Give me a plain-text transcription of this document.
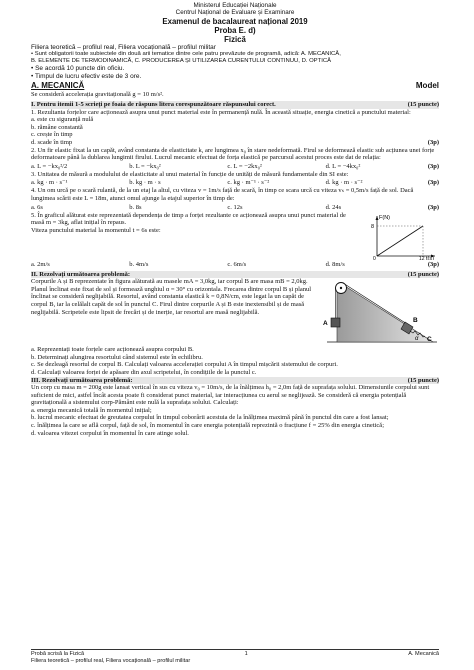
Ministerul Educației Naționale
Centrul Național de Evaluare și Examinare
Examenul de bacalaureat național 2019
Proba E. d)
Fizică

Filiera teoretică – profilul real, Filiera vocațională – profilul militar

• Sunt obligatorii toate subiectele din două arii tematice dintre cele patru prevăzute de programă, adică: A. MECANICĂ,

B. ELEMENTE DE TERMODINAMICĂ, C. PRODUCEREA ȘI UTILIZAREA CURENTULUI CONTINUU, D. OPTICĂ

• Se acordă 10 puncte din oficiu.

• Timpul de lucru efectiv este de 3 ore.

A. MECANICĂ	Model

Se consideră accelerația gravitațională g = 10 m/s².

I. Pentru itemii 1-5 scrieți pe foaia de răspuns litera corespunzătoare răspunsului corect.	(15 puncte)

1. Rezultanta forțelor care acționează asupra unui punct material este în permanență nulă. În această situație, energia cinetică a punctului material:

a. este cu siguranță nulă

b. rămâne constantă

c. crește în timp

d. scade în timp	(3p)

2. Un fir elastic fixat la un capăt, având constanta de elasticitate k, are lungimea x₀ în stare nedeformată. Firul se deformează elastic sub acțiunea unei forțe deformatoare până la dublarea lungimii firului. Lucrul mecanic efectuat de forța elastică pe parcursul acestui proces este dat de relația:

a. L = −kx₀²/2	b. L = −kx₀²	c. L = −2kx₀²	d. L = −4kx₀²	(3p)

3. Unitatea de măsură a modulului de elasticitate al unui material în funcție de unități de măsură fundamentale din SI este:

a. kg · m · s⁻¹	b. kg · m · s	c. kg · m⁻¹ · s⁻²	d. kg · m · s⁻²	(3p)

4. Un om urcă pe o scară rulantă, de la un etaj la altul, cu viteza v = 1m/s față de scară, în timp ce scara urcă cu viteza vₛ = 0,5m/s față de sol. Dacă lungimea scării este L = 18m, atunci omul ajunge la etajul superior în timp de:

a. 6s	b. 8s	c. 12s	d. 24s	(3p)

5. În graficul alăturat este reprezentată dependența de timp a forței rezultante ce acționează asupra unui punct material de masă m = 3kg, aflat inițial în repaus.

Viteza punctului material la momentul t = 6s este:

F(N)
8
0	12 t(s)
a. 2m/s	b. 4m/s	c. 6m/s	d. 8m/s	(3p)
II. Rezolvați următoarea problemă:	(15 puncte)

Corpurile A și B reprezentate în figura alăturată au masele mA = 3,0kg, iar corpul B are masa mB = 2,0kg. Planul înclinat este fixat de sol și formează unghiul α = 30° cu orizontala. Frecarea dintre corpul B și planul înclinat se consideră neglijabilă. Resortul, având constanta elastică k = 0,8N/cm, este legat la un capăt de corpul B, iar la celălalt capăt de sol în punctul C. Firul dintre corpurile A și B este inextensibil și de masă neglijabilă. Scripetele este lipsit de frecări și de inerție, iar resortul are masă neglijabilă.

A	B
C
α

a. Reprezentați toate forțele care acționează asupra corpului B.

b. Determinați alungirea resortului când sistemul este în echilibru.

c. Se dezleagă resortul de corpul B. Calculați valoarea accelerației corpului A în timpul mișcării sistemului de corpuri.

d. Calculați valoarea forței de apăsare din axul scripetelui, în condițiile de la punctul c.

III. Rezolvați următoarea problemă:	(15 puncte)

Un corp cu masa m = 200g este lansat vertical în sus cu viteza v₀ = 10m/s, de la înălțimea h₀ = 2,0m față de suprafața solului. Dimensiunile corpului sunt suficient de mici, astfel încât acesta poate fi considerat punct material, iar interacțiunea cu aerul se neglijează. Se consideră că energia potențială gravitațională a sistemului corp-Pământ este nulă la suprafața solului. Calculați:

a. energia mecanică totală în momentul inițial;

b. lucrul mecanic efectuat de greutatea corpului în timpul coborârii acestuia de la înălțimea maximă până în punctul din care a fost lansat;

c. înălțimea la care se află corpul, față de sol, în momentul în care energia potențială reprezintă o fracțiune f = 25% din energia cinetică;

d. valoarea vitezei corpului în momentul în care atinge solul.

Probă scrisă la Fizică	1	A. Mecanică
Filiera teoretică – profilul real, Filiera vocațională – profilul militar
